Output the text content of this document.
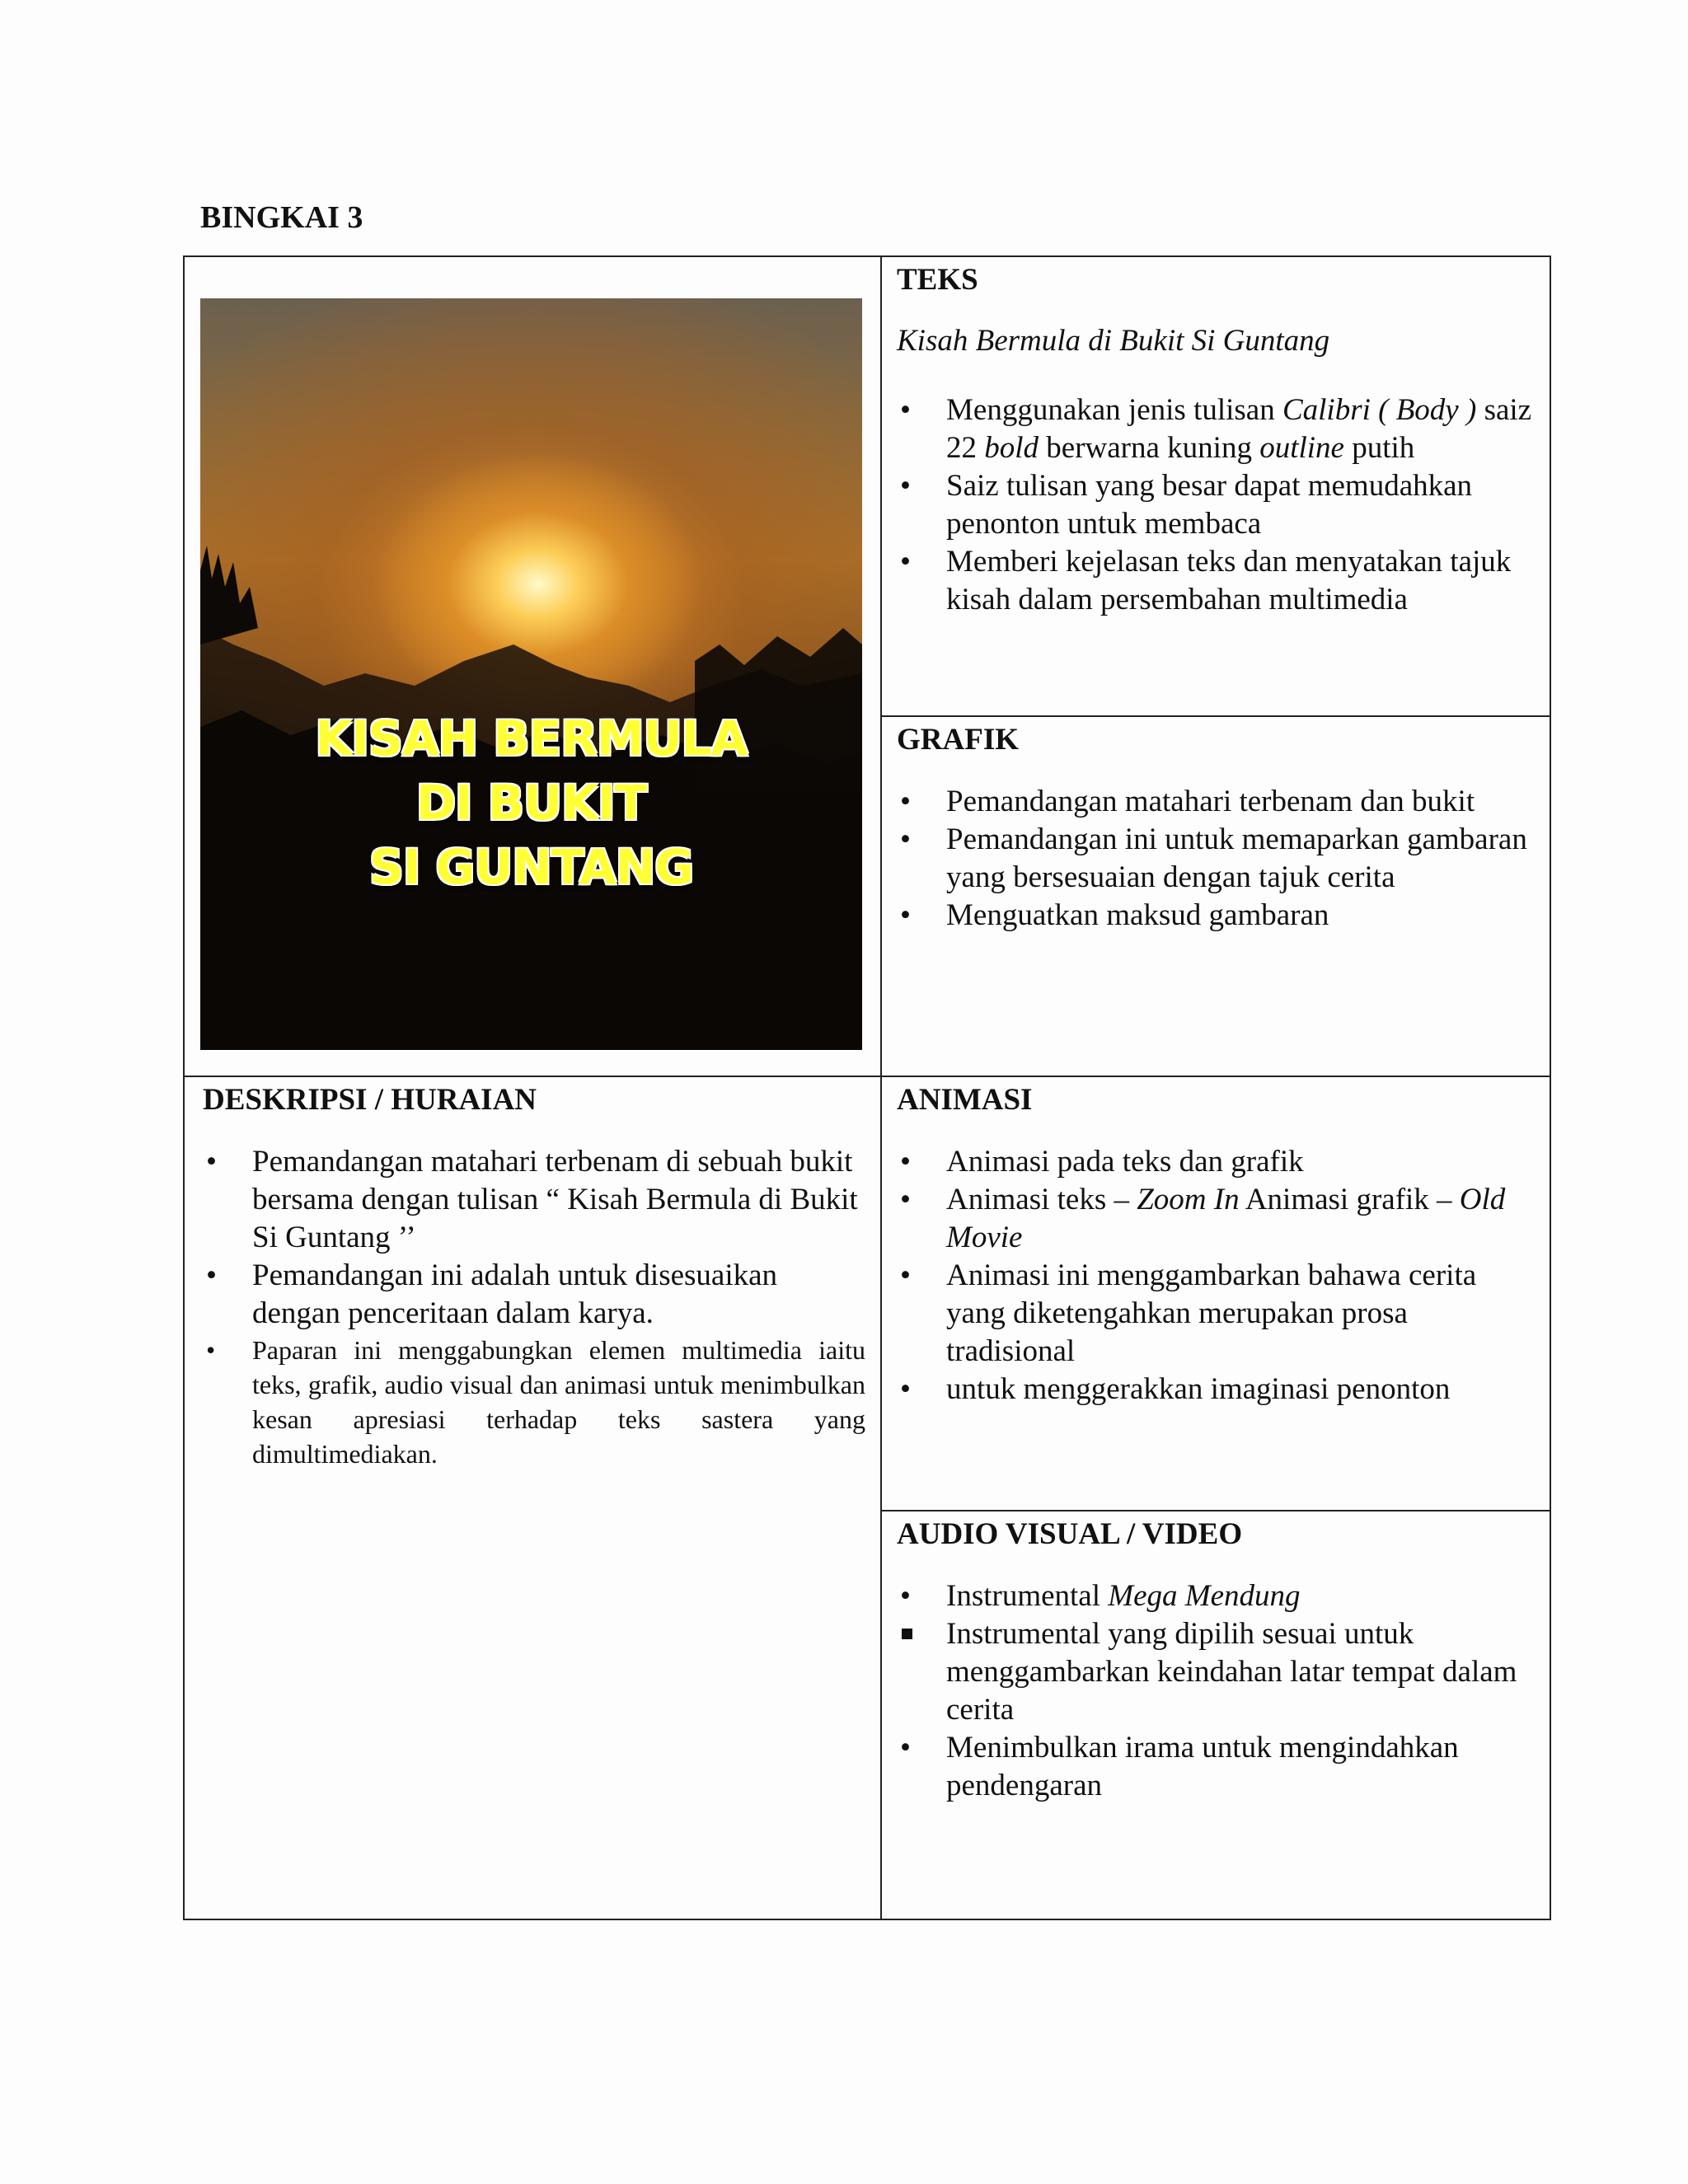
BINGKAI 3
KISAH BERMULA
DI BUKIT
SI GUNTANG

TEKS

Kisah Bermula di Bukit Si Guntang

• Menggunakan jenis tulisan Calibri ( Body ) saiz 22 bold berwarna kuning outline putih
• Saiz tulisan yang besar dapat memudahkan penonton untuk membaca
• Memberi kejelasan teks dan menyatakan tajuk kisah dalam persembahan multimedia

GRAFIK

• Pemandangan matahari terbenam dan bukit
• Pemandangan ini untuk memaparkan gambaran yang bersesuaian dengan tajuk cerita
• Menguatkan maksud gambaran

DESKRIPSI / HURAIAN

• Pemandangan matahari terbenam di sebuah bukit bersama dengan tulisan “ Kisah Bermula di Bukit Si Guntang ’’
• Pemandangan ini adalah untuk disesuaikan dengan penceritaan dalam karya.
• Paparan ini menggabungkan elemen multimedia iaitu teks, grafik, audio visual dan animasi untuk menimbulkan kesan apresiasi terhadap teks sastera yang dimultimediakan.

ANIMASI

• Animasi pada teks dan grafik
• Animasi teks – Zoom In Animasi grafik – Old Movie
• Animasi ini menggambarkan bahawa cerita yang diketengahkan merupakan prosa tradisional
• untuk menggerakkan imaginasi penonton

AUDIO VISUAL / VIDEO

• Instrumental Mega Mendung
Instrumental yang dipilih sesuai untuk menggambarkan keindahan latar tempat dalam cerita
• Menimbulkan irama untuk mengindahkan pendengaran
